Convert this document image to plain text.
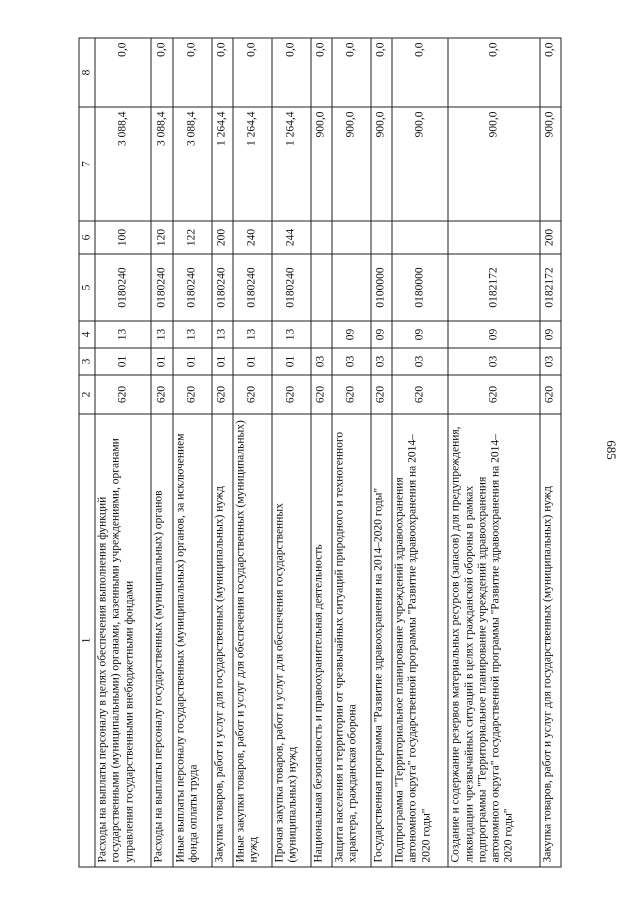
685
1	2	3	4	5	6	7	8
Расходы на выплаты персоналу в целях обеспечения выполнения функций государственными (муниципальными) органами, казенными учреждениями, органами управления государственными внебюджетными фондами	620	01	13	0180240	100	3 088,4	0,0
Расходы на выплаты персоналу государственных (муниципальных) органов	620	01	13	0180240	120	3 088,4	0,0
Иные выплаты персоналу государственных (муниципальных) органов, за исключением фонда оплаты труда	620	01	13	0180240	122	3 088,4	0,0
Закупка товаров, работ и услуг для государственных (муниципальных) нужд	620	01	13	0180240	200	1 264,4	0,0
Иные закупки товаров, работ и услуг для обеспечения государственных (муниципальных) нужд	620	01	13	0180240	240	1 264,4	0,0
Прочая закупка товаров, работ и услуг для обеспечения государственных (муниципальных) нужд	620	01	13	0180240	244	1 264,4	0,0
Национальная безопасность и правоохранительная деятельность	620	03				900,0	0,0
Защита населения и территории от чрезвычайных ситуаций природного и техногенного характера, гражданская оборона	620	03	09			900,0	0,0
Государственная программа "Развитие здравоохранения на 2014–2020 годы"	620	03	09	0100000		900,0	0,0
Подпрограмма "Территориальное планирование учреждений здравоохранения автономного округа" государственной программы "Развитие здравоохранения на 2014–2020 годы"	620	03	09	0180000		900,0	0,0
Создание и содержание резервов материальных ресурсов (запасов) для предупреждения, ликвидации чрезвычайных ситуаций в целях гражданской обороны в рамках подпрограммы "Территориальное планирование учреждений здравоохранения автономного округа" государственной программы "Развитие здравоохранения на 2014–2020 годы"	620	03	09	0182172		900,0	0,0
Закупка товаров, работ и услуг для государственных (муниципальных) нужд	620	03	09	0182172	200	900,0	0,0
